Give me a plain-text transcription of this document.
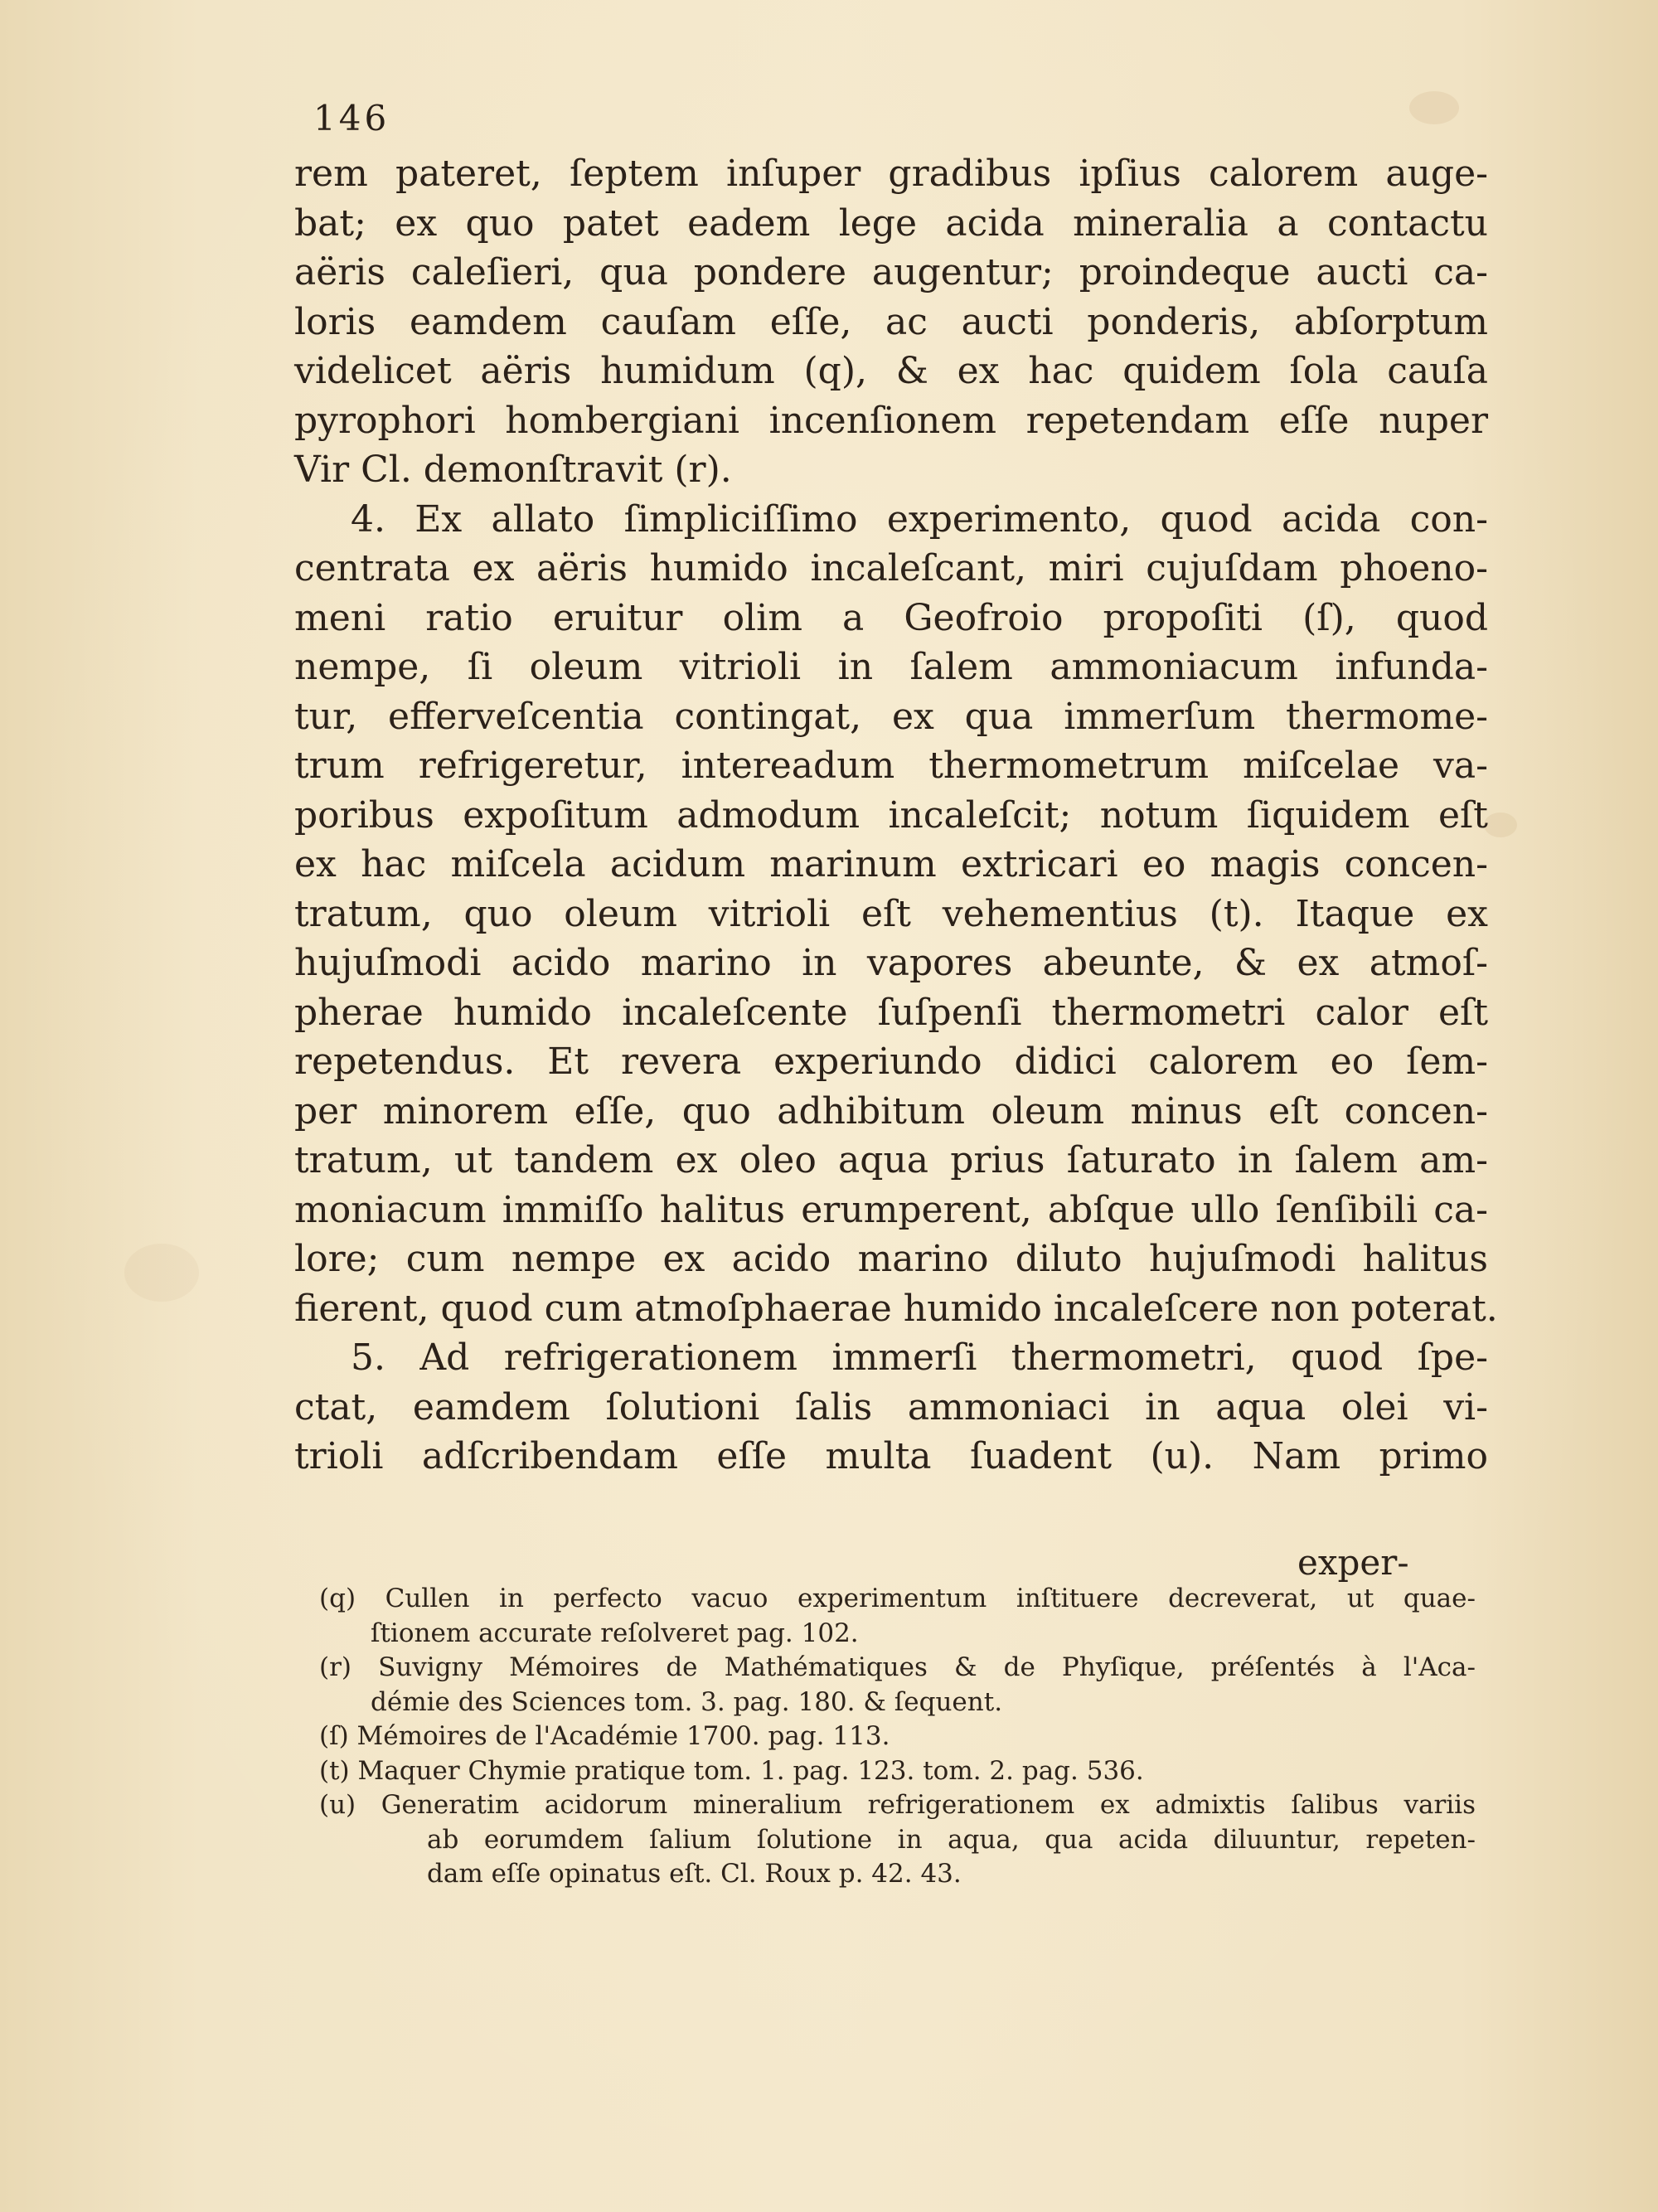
146
rem pateret, ſeptem inſuper gradibus ipſius calorem auge-
bat; ex quo patet eadem lege acida mineralia a contactu
aëris caleſieri, qua pondere augentur; proindeque aucti ca-
loris eamdem cauſam eſſe, ac aucti ponderis, abſorptum
videlicet aëris humidum (q), & ex hac quidem ſola cauſa
pyrophori hombergiani incenſionem repetendam eſſe nuper
Vir Cl. demonſtravit (r).
4. Ex allato ſimpliciſſimo experimento, quod acida con-
centrata ex aëris humido incaleſcant, miri cujuſdam phoeno-
meni ratio eruitur olim a Geofroio propoſiti (ſ), quod
nempe, ſi oleum vitrioli in ſalem ammoniacum infunda-
tur, effervеſcentia contingat, ex qua immerſum thermome-
trum refrigeretur, intereadum thermometrum miſcelae va-
poribus expoſitum admodum incaleſcit; notum ſiquidem eſt
ex hac miſcela acidum marinum extricari eo magis concen-
tratum, quo oleum vitrioli eſt vehementius (t). Itaque ex
hujuſmodi acido marino in vapores abeunte, & ex atmoſ-
pherae humido incaleſcente ſuſpenſi thermometri calor eſt
repetendus. Et revera experiundo didici calorem eo ſem-
per minorem eſſe, quo adhibitum oleum minus eſt concen-
tratum, ut tandem ex oleo aqua prius ſaturato in ſalem am-
moniacum immiſſo halitus erumperent, abſque ullo ſenſibili ca-
lore; cum nempe ex acido marino diluto hujuſmodi halitus
fierent, quod cum atmoſphaerae humido incaleſcere non poterat.
5. Ad refrigerationem immerſi thermometri, quod ſpe-
ctat, eamdem ſolutioni ſalis ammoniaci in aqua olei vi-
trioli adſcribendam eſſe multa ſuadent (u). Nam primo
exper-
(q) Cullen in perfecto vacuo experimentum inſtituere decreverat, ut quae-
ſtionem accurate reſolveret pag. 102.
(r) Suvigny Mémoires de Mathématiques & de Phyſique, préſentés à l'Aca-
démie des Sciences tom. 3. pag. 180. & ſequent.
(ſ) Mémoires de l'Académie 1700. pag. 113.
(t) Maquer Chymie pratique tom. 1. pag. 123. tom. 2. pag. 536.
(u) Generatim acidorum mineralium refrigerationem ex admixtis ſalibus variis
ab eorumdem ſalium ſolutione in aqua, qua acida diluuntur, repeten-
dam eſſe opinatus eſt. Cl. Roux p. 42. 43.
